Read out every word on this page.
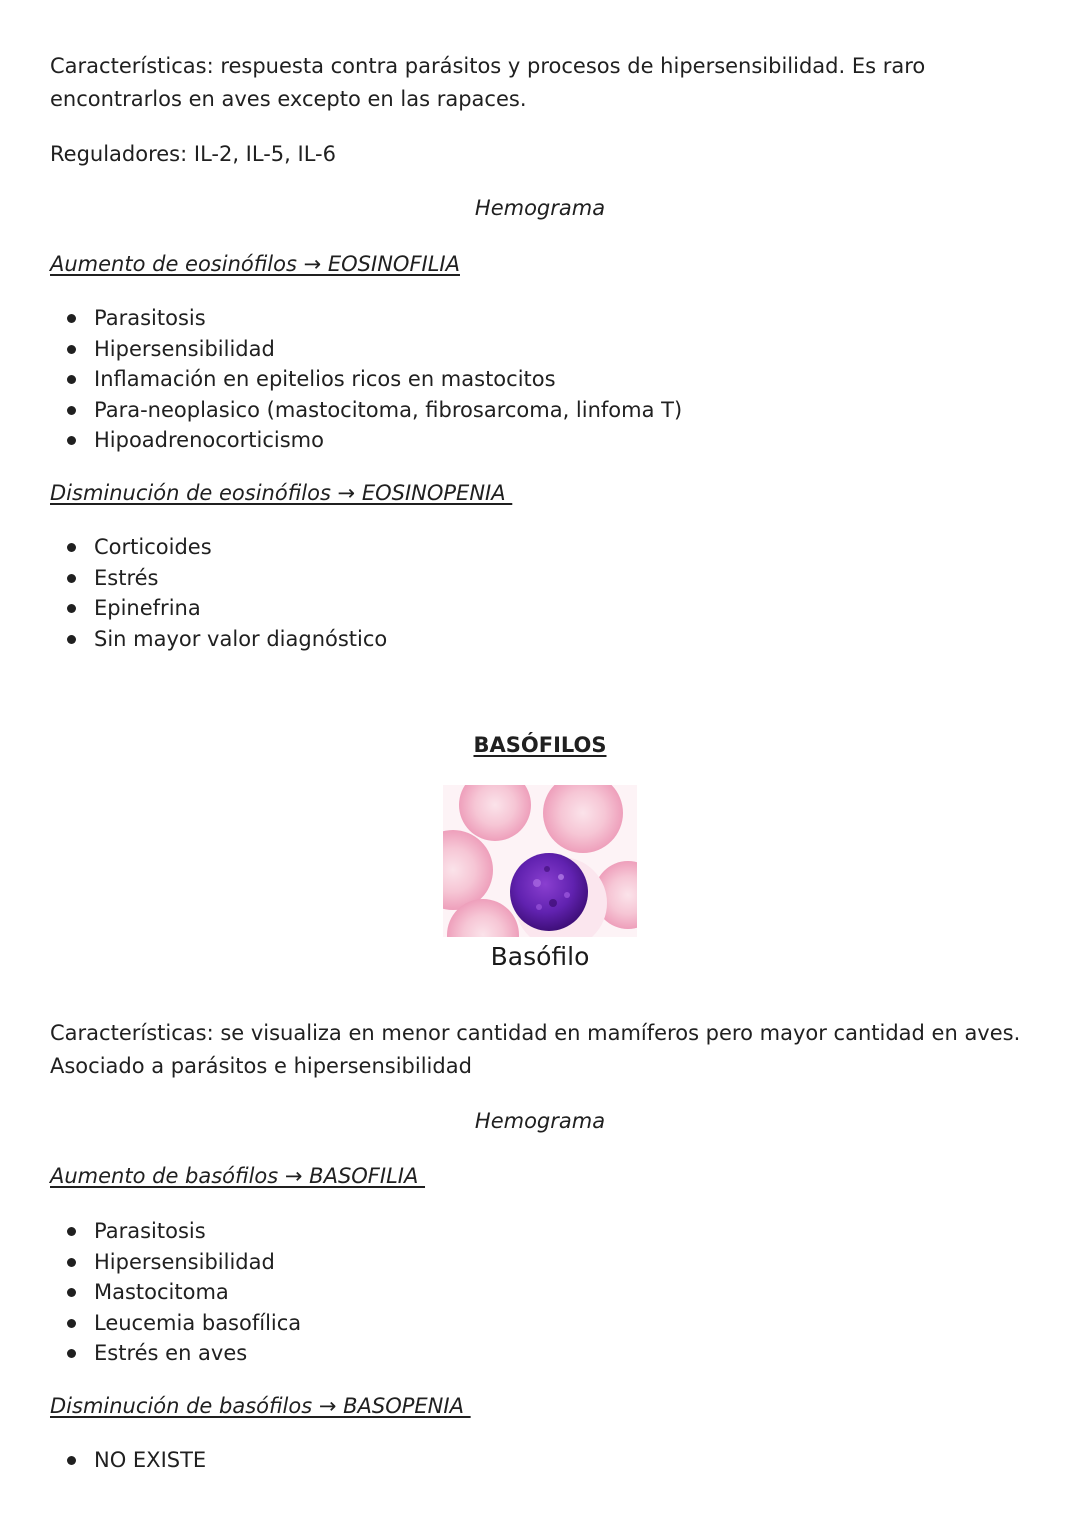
Características: respuesta contra parásitos y procesos de hipersensibilidad. Es raro encontrarlos en aves excepto en las rapaces.

Reguladores: IL-2, IL-5, IL-6

Hemograma

Aumento de eosinófilos → EOSINOFILIA

Parasitosis
Hipersensibilidad
Inflamación en epitelios ricos en mastocitos
Para-neoplasico (mastocitoma, fibrosarcoma, linfoma T)
Hipoadrenocorticismo

Disminución de eosinófilos → EOSINOPENIA

Corticoides
Estrés
Epinefrina
Sin mayor valor diagnóstico

BASÓFILOS

Basófilo

Características: se visualiza en menor cantidad en mamíferos pero mayor cantidad en aves. Asociado a parásitos e hipersensibilidad

Hemograma

Aumento de basófilos → BASOFILIA

Parasitosis
Hipersensibilidad
Mastocitoma
Leucemia basofílica
Estrés en aves

Disminución de basófilos → BASOPENIA

NO EXISTE
